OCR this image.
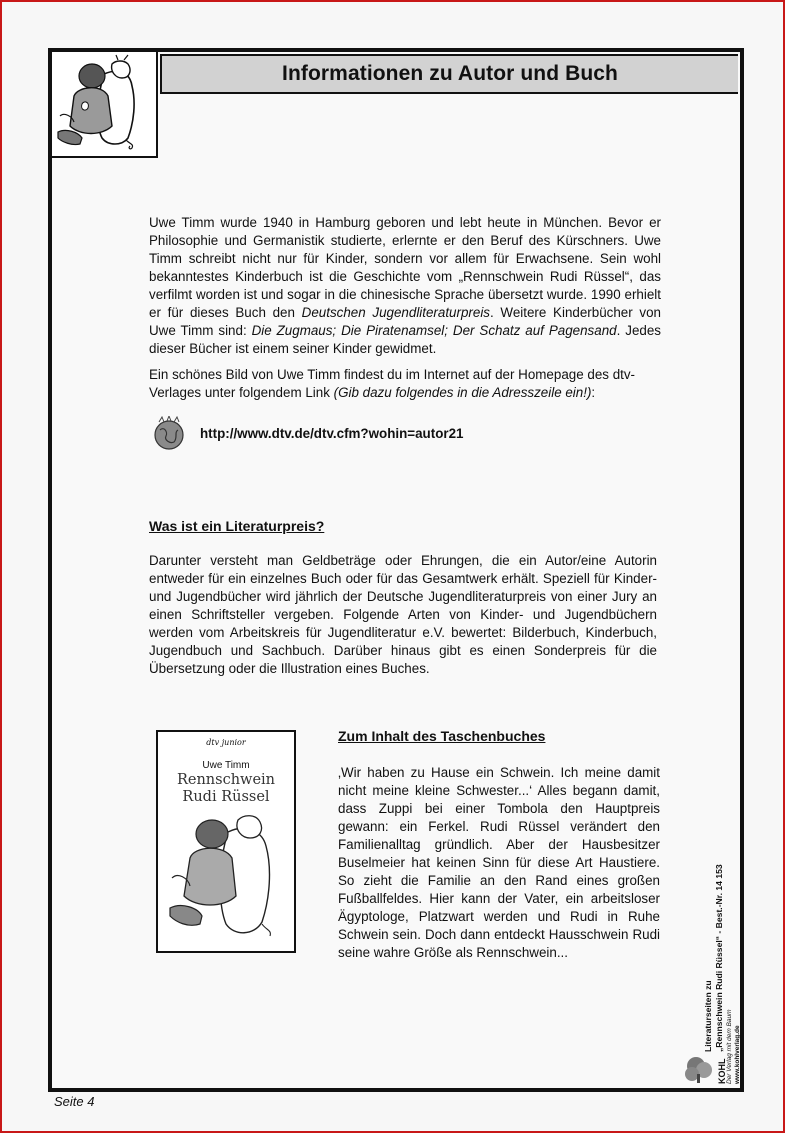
Informationen zu Autor und Buch

Uwe Timm wurde 1940 in Hamburg geboren und lebt heute in München. Bevor er Philosophie und Germanistik studierte, erlernte er den Beruf des Kürschners. Uwe Timm schreibt nicht nur für Kinder, sondern vor allem für Erwachsene. Sein wohl bekanntestes Kinderbuch ist die Geschichte vom „Rennschwein Rudi Rüssel“, das verfilmt worden ist und sogar in die chinesische Sprache übersetzt wurde. 1990 erhielt er für dieses Buch den Deutschen Jugendliteraturpreis. Weitere Kinderbücher von Uwe Timm sind: Die Zugmaus; Die Piratenamsel; Der Schatz auf Pagensand. Jedes dieser Bücher ist einem seiner Kinder gewidmet.

Ein schönes Bild von Uwe Timm findest du im Internet auf der Homepage des dtv-Verlages unter folgendem Link (Gib dazu folgendes in die Adresszeile ein!):

http://www.dtv.de/dtv.cfm?wohin=autor21
Was ist ein Literaturpreis?

Darunter versteht man Geldbeträge oder Ehrungen, die ein Autor/eine Autorin entweder für ein einzelnes Buch oder für das Gesamtwerk erhält. Speziell für Kinder- und Jugendbücher wird jährlich der Deutsche Jugendliteraturpreis von einer Jury an einen Schriftsteller vergeben. Folgende Arten von Kinder- und Jugendbüchern werden vom Arbeitskreis für Jugendliteratur e.V. bewertet: Bilderbuch, Kinderbuch, Jugendbuch und Sachbuch. Darüber hinaus gibt es einen Sonderpreis für die Übersetzung oder die Illustration eines Buches.

dtv junior
Uwe Timm
Rennschwein
Rudi Rüssel
Zum Inhalt des Taschenbuches

‚Wir haben zu Hause ein Schwein. Ich meine damit nicht meine kleine Schwester...‘ Alles begann damit, dass Zuppi bei einer Tombola den Hauptpreis gewann: ein Ferkel. Rudi Rüssel verändert den Familienalltag gründlich. Aber der Hausbesitzer Buselmeier hat keinen Sinn für diese Art Haustiere. So zieht die Familie an den Rand eines großen Fußballfeldes. Hier kann der Vater, ein arbeitsloser Ägyptologe, Platzwart werden und Rudi in Ruhe Schwein sein. Doch dann entdeckt Hausschwein Rudi seine wahre Größe als Rennschwein...

Literaturseiten zu „Rennschwein Rudi Rüssel“ - Best.-Nr. 14 153
KOHL Der Verlag mit dem Baum www.kohlverlag.de
Seite 4
